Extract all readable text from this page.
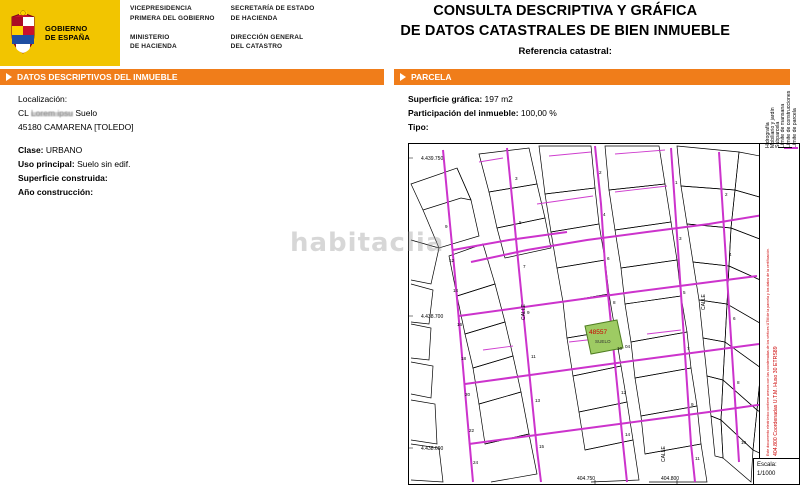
GOBIERNO
DE ESPAÑA
VICEPRESIDENCIA
PRIMERA DEL GOBIERNO
MINISTERIO
DE HACIENDA
SECRETARÍA DE ESTADO
DE HACIENDA
DIRECCIÓN GENERAL
DEL CATASTRO
CONSULTA DESCRIPTIVA Y GRÁFICA
DE DATOS CATASTRALES DE BIEN INMUEBLE
Referencia catastral:
DATOS DESCRIPTIVOS DEL INMUEBLE	PARCELA
Localización:
CL Lorem ipsu Suelo
45180 CAMARENA [TOLEDO]
Clase: URBANO
Uso principal: Suelo sin edif.
Superficie construida:
Año construcción:
Superficie gráfica: 197 m2
Participación del inmueble: 100,00 %
Tipo:
9
12
14
16
18
20
22
24
3
5
7
9
11
13
15
2
4
6
8
10
12
14
1
3
5
7
9
11
2
4
6
8
10
04
48557
SUELO
4.439.750
4.438.700
4.438.600
404.750	404.800
CALLE
CALLE
CALLE
Límite de parcela
Límite de construcciones
Límite de mansana
Subparcela
Mobiliario y jardín
Hidrografía
404.800 Coordenadas U.T.M. Huso 30 ETRS89
Este documento electrónico contiene anexos con las coordenadas de los vértices UTM de la parcela y los datos de la certificación.
Escala:
1/1000
habitaclia
